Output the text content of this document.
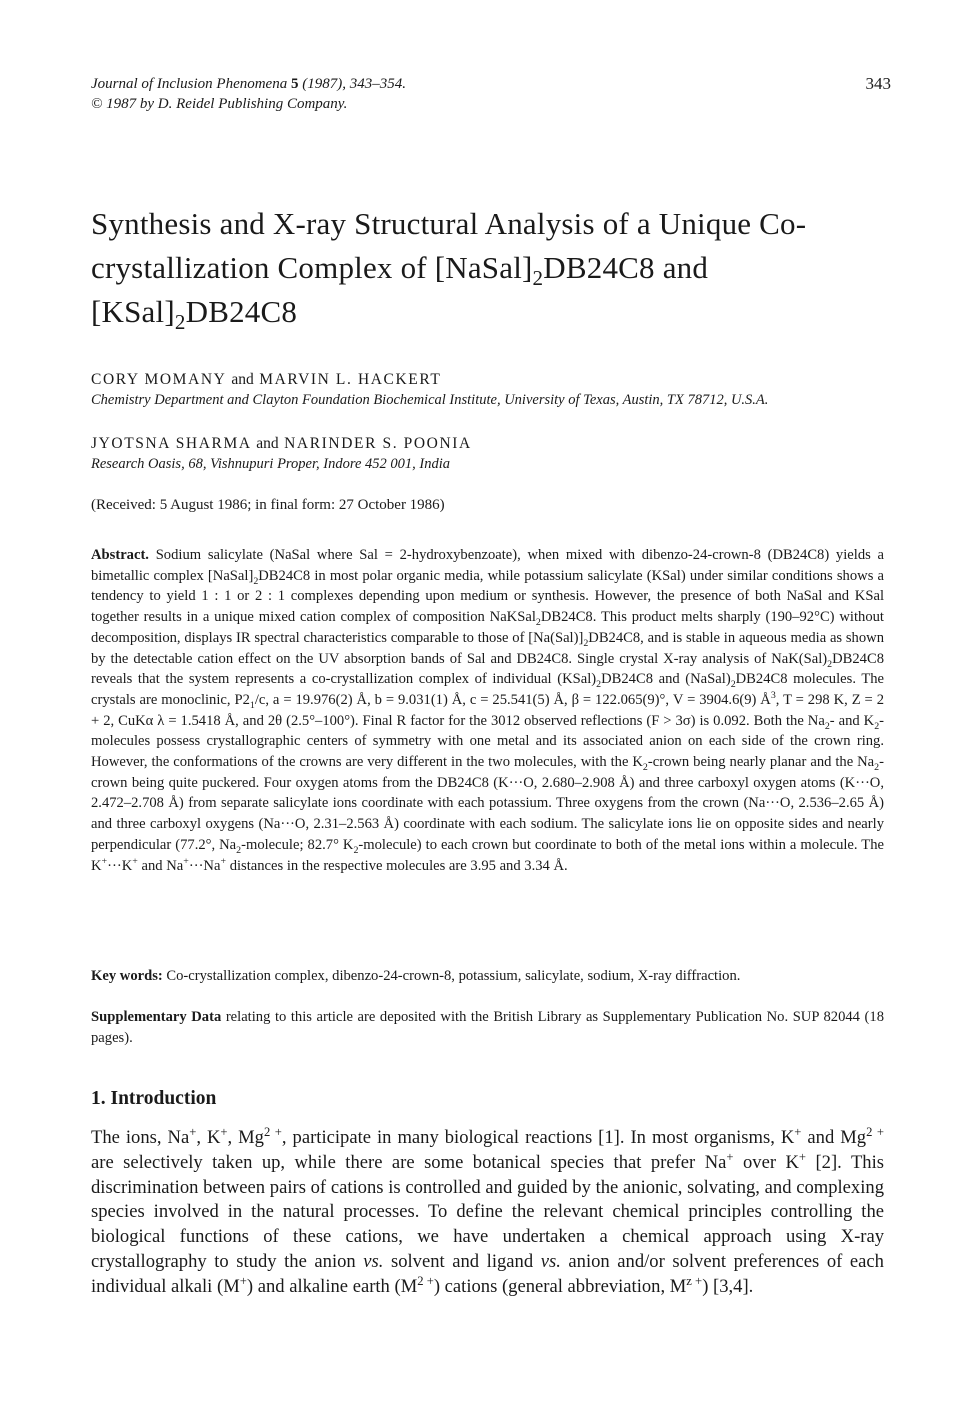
Journal of Inclusion Phenomena 5 (1987), 343–354.
© 1987 by D. Reidel Publishing Company.
343
Synthesis and X-ray Structural Analysis of a Unique Co-crystallization Complex of $[NaSal]_2DB24C8$ and $[KSal]_2DB24C8$
CORY MOMANY and MARVIN L. HACKERT
Chemistry Department and Clayton Foundation Biochemical Institute, University of Texas, Austin, TX 78712, U.S.A.
JYOTSNA SHARMA and NARINDER S. POONIA
Research Oasis, 68, Vishnupuri Proper, Indore 452 001, India
(Received: 5 August 1986; in final form: 27 October 1986)

Abstract. Sodium salicylate (NaSal where Sal = 2-hydroxybenzoate), when mixed with dibenzo-24-crown-8 (DB24C8) yields a bimetallic complex $[NaSal]_2DB24C8$ in most polar organic media, while potassium salicylate (KSal) under similar conditions shows a tendency to yield 1 : 1 or 2 : 1 complexes depending upon medium or synthesis. However, the presence of both NaSal and KSal together results in a unique mixed cation complex of composition NaKSal$_2$DB24C8. This product melts sharply (190–92°C) without decomposition, displays IR spectral characteristics comparable to those of $[Na(Sal)]_2DB24C8$, and is stable in aqueous media as shown by the detectable cation effect on the UV absorption bands of Sal and DB24C8. Single crystal X-ray analysis of $NaK(Sal)_2DB24C8$ reveals that the system represents a co-crystallization complex of individual $(KSal)_2DB24C8$ and $(NaSal)_2DB24C8$ molecules. The crystals are monoclinic, $P2_1/c$, a = 19.976(2) Å, b = 9.031(1) Å, c = 25.541(5) Å, β = 122.065(9)°, V = 3904.6(9) $Å^3$, T = 298 K, Z = 2 + 2, CuKα λ = 1.5418 Å, and 2θ (2.5°–100°). Final R factor for the 3012 observed reflections (F > 3σ) is 0.092. Both the $Na_2-$ and $K_2$-molecules possess crystallographic centers of symmetry with one metal and its associated anion on each side of the crown ring. However, the conformations of the crowns are very different in the two molecules, with the $K_2$-crown being nearly planar and the $Na_2$-crown being quite puckered. Four oxygen atoms from the DB24C8 (K···O, 2.680–2.908 Å) and three carboxyl oxygen atoms (K···O, 2.472–2.708 Å) from separate salicylate ions coordinate with each potassium. Three oxygens from the crown (Na···O, 2.536–2.65 Å) and three carboxyl oxygens (Na···O, 2.31–2.563 Å) coordinate with each sodium. The salicylate ions lie on opposite sides and nearly perpendicular (77.2°, $Na_2$-molecule; 82.7° $K_2-molecule$) to each crown but coordinate to both of the metal ions within a molecule. The K+···K+ and Na+···Na+ distances in the respective molecules are 3.95 and 3.34 Å.

Key words: Co-crystallization complex, dibenzo-24-crown-8, potassium, salicylate, sodium, X-ray diffraction.

Supplementary Data relating to this article are deposited with the British Library as Supplementary Publication No. SUP 82044 (18 pages).

1. Introduction

The ions, Na+, K+, $Mg^{2 +}$, participate in many biological reactions [1]. In most organisms, K+ and $Mg^{2 +}$ are selectively taken up, while there are some botanical species that prefer Na+ over K+ [2]. This discrimination between pairs of cations is controlled and guided by the anionic, solvating, and complexing species involved in the natural processes. To define the relevant chemical principles controlling the biological functions of these cations, we have undertaken a chemical approach using X-ray crystallography to study the anion vs. solvent and ligand vs. anion and/or solvent preferences of each individual alkali (M+) and alkaline earth $(M^{2 +})$ cations (general abbreviation, $M^{z +}$) [3,4].
